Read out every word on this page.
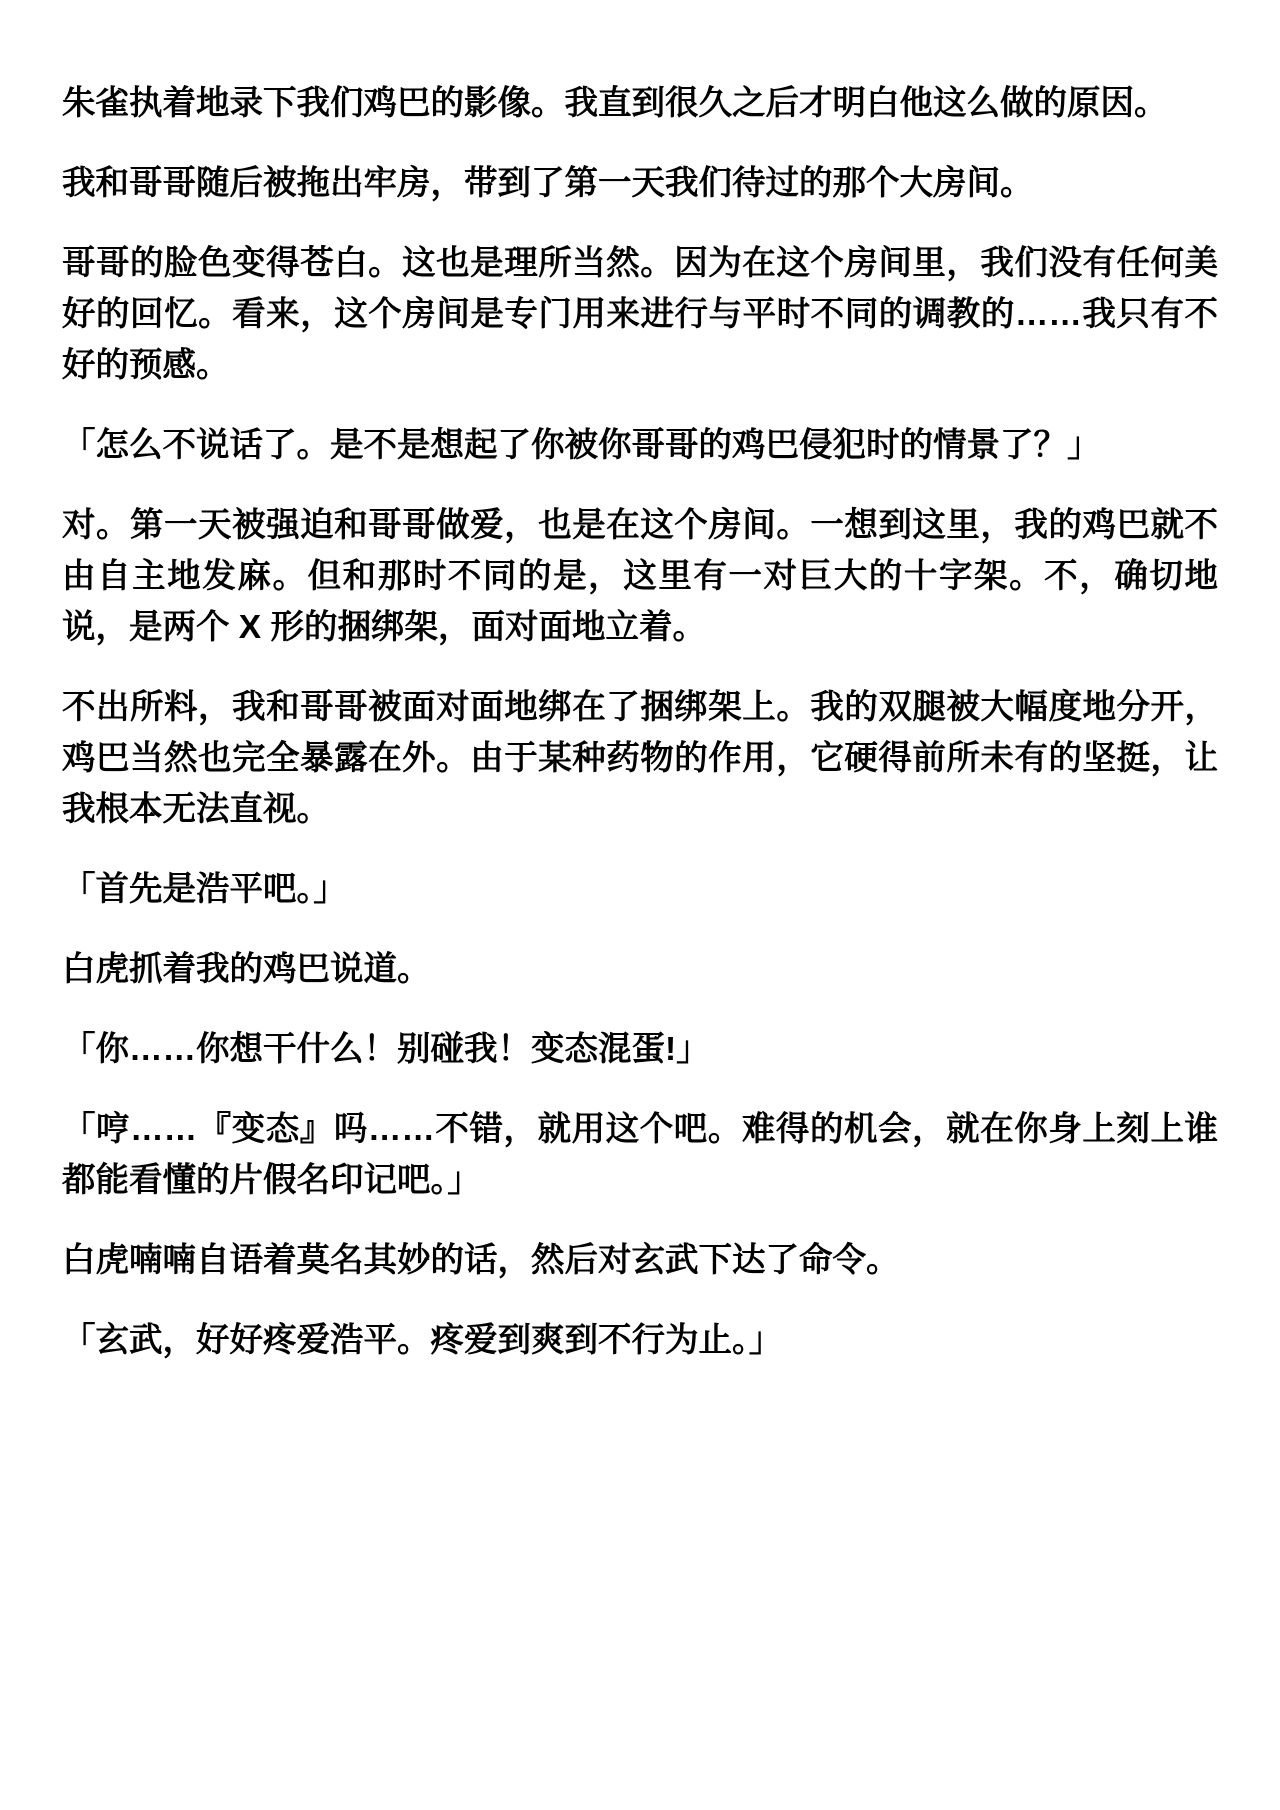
朱雀执着地录下我们鸡巴的影像。我直到很久之后才明白他这么做的原因。

我和哥哥随后被拖出牢房，带到了第一天我们待过的那个大房间。

哥哥的脸色变得苍白。这也是理所当然。因为在这个房间里，我们没有任何美好的回忆。看来，这个房间是专门用来进行与平时不同的调教的……我只有不好的预感。

「怎么不说话了。是不是想起了你被你哥哥的鸡巴侵犯时的情景了？」

对。第一天被强迫和哥哥做爱，也是在这个房间。一想到这里，我的鸡巴就不由自主地发麻。但和那时不同的是，这里有一对巨大的十字架。不，确切地说，是两个 X 形的捆绑架，面对面地立着。

不出所料，我和哥哥被面对面地绑在了捆绑架上。我的双腿被大幅度地分开，鸡巴当然也完全暴露在外。由于某种药物的作用，它硬得前所未有的坚挺，让我根本无法直视。

「首先是浩平吧。」

白虎抓着我的鸡巴说道。

「你……你想干什么！别碰我！变态混蛋!」

「哼……『变态』吗……不错，就用这个吧。难得的机会，就在你身上刻上谁都能看懂的片假名印记吧。」

白虎喃喃自语着莫名其妙的话，然后对玄武下达了命令。

「玄武，好好疼爱浩平。疼爱到爽到不行为止。」
